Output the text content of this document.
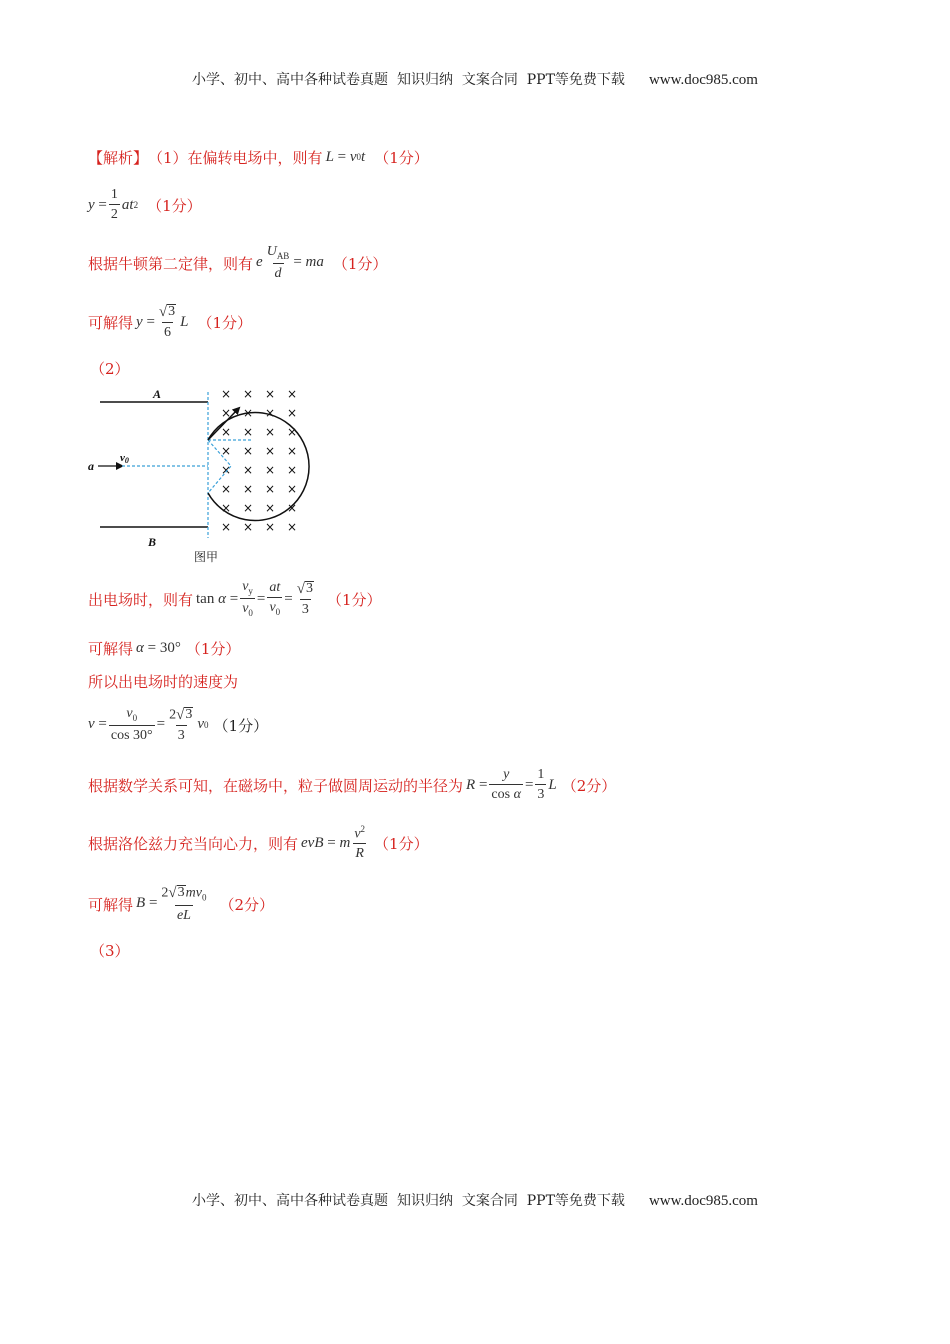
小学、初中、高中各种试卷真题  知识归纳  文案合同  PPT等免费下载 www.doc985.com
【解析】 （1）在偏转电场中，则有 L = v 0 t （1分）
$y = \frac{1}{2}$ at 2 （1分）
根据牛顿第二定律，则有 e $\frac{U_{AB}}{d}$ = ma （1分）
可解得 $y = \frac{√ 3}{6}$ L （1分）
（2）
A
B
× × × ×
× × × ×
× × × ×
× × × ×
× × × ×
× × × ×
× × × ×
× × × ×
a
v0
图甲
出电场时，则有 $\tan \alpha = \frac{v_y}{v_0} = \frac{at}{v_0} = \frac{√ 3}{3} (1$分）
可解得 α =
30° （1分）
所以出电场时的速度为
$v = \frac{v_0}{\cos 30^\circ} = \frac{2 √ 3}{3}$ v 0 （1分）
根据数学关系可知，在磁场中，粒子做圆周运动的半径为 $R = \frac{y}{\text{cos α}} = \frac{1}{3}$ L （2分）
根据洛伦兹力充当向心力，则有 evB = m $\frac{v^2}{R} (1$分）
可解得 $B = \frac{2 √ 3 mv_0}{eL} (2$分）
（3）
小学、初中、高中各种试卷真题  知识归纳  文案合同  PPT等免费下载 www.doc985.com
